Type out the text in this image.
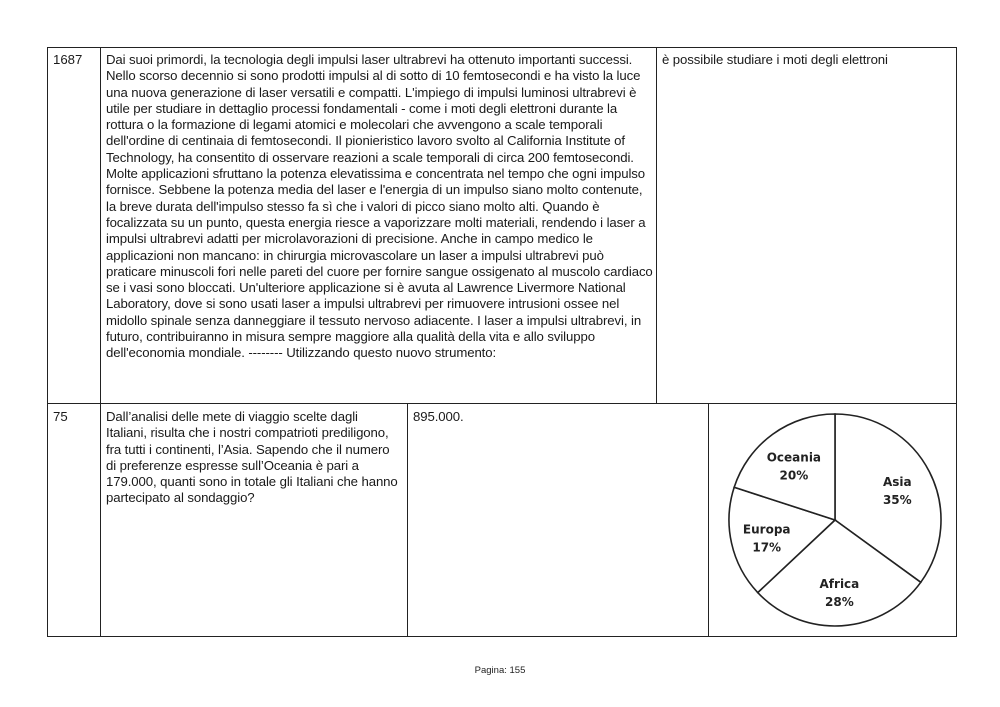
1687 Dai suoi primordi, la tecnologia degli impulsi laser ultrabrevi ha ottenuto importanti successi. Nello scorso decennio si sono prodotti impulsi al di sotto di 10 femtosecondi e ha visto la luce una nuova generazione di laser versatili e compatti. L'impiego di impulsi luminosi ultrabrevi è utile per studiare in dettaglio processi fondamentali - come i moti degli elettroni durante la rottura o la formazione di legami atomici e molecolari che avvengono a scale temporali dell'ordine di centinaia di femtosecondi. Il pionieristico lavoro svolto al California Institute of Technology, ha consentito di osservare reazioni a scale temporali di circa 200 femtosecondi. Molte applicazioni sfruttano la potenza elevatissima e concentrata nel tempo che ogni impulso fornisce. Sebbene la potenza media del laser e l'energia di un impulso siano molto contenute, la breve durata dell'impulso stesso fa sì che i valori di picco siano molto alti. Quando è focalizzata su un punto, questa energia riesce a vaporizzare molti materiali, rendendo i laser a impulsi ultrabrevi adatti per microlavorazioni di precisione. Anche in campo medico le applicazioni non mancano: in chirurgia microvascolare un laser a impulsi ultrabrevi può praticare minuscoli fori nelle pareti del cuore per fornire sangue ossigenato al muscolo cardiaco se i vasi sono bloccati. Un'ulteriore applicazione si è avuta al Lawrence Livermore National Laboratory, dove si sono usati laser a impulsi ultrabrevi per rimuovere intrusioni ossee nel midollo spinale senza danneggiare il tessuto nervoso adiacente. I laser a impulsi ultrabrevi, in futuro, contribuiranno in misura sempre maggiore alla qualità della vita e allo sviluppo dell'economia mondiale. -------- Utilizzando questo nuovo strumento:
è possibile studiare i moti degli elettroni
75	Dall’analisi delle mete di viaggio scelte dagli Italiani, risulta che i nostri compatrioti prediligono, fra tutti i continenti, l’Asia. Sapendo che il numero di preferenze espresse sull’Oceania è pari a 179.000, quanti sono in totale gli Italiani che hanno partecipato al sondaggio?
895.000.
Asia
35%
Africa
28%
Europa
17%
Oceania
20%
Pagina: 155
